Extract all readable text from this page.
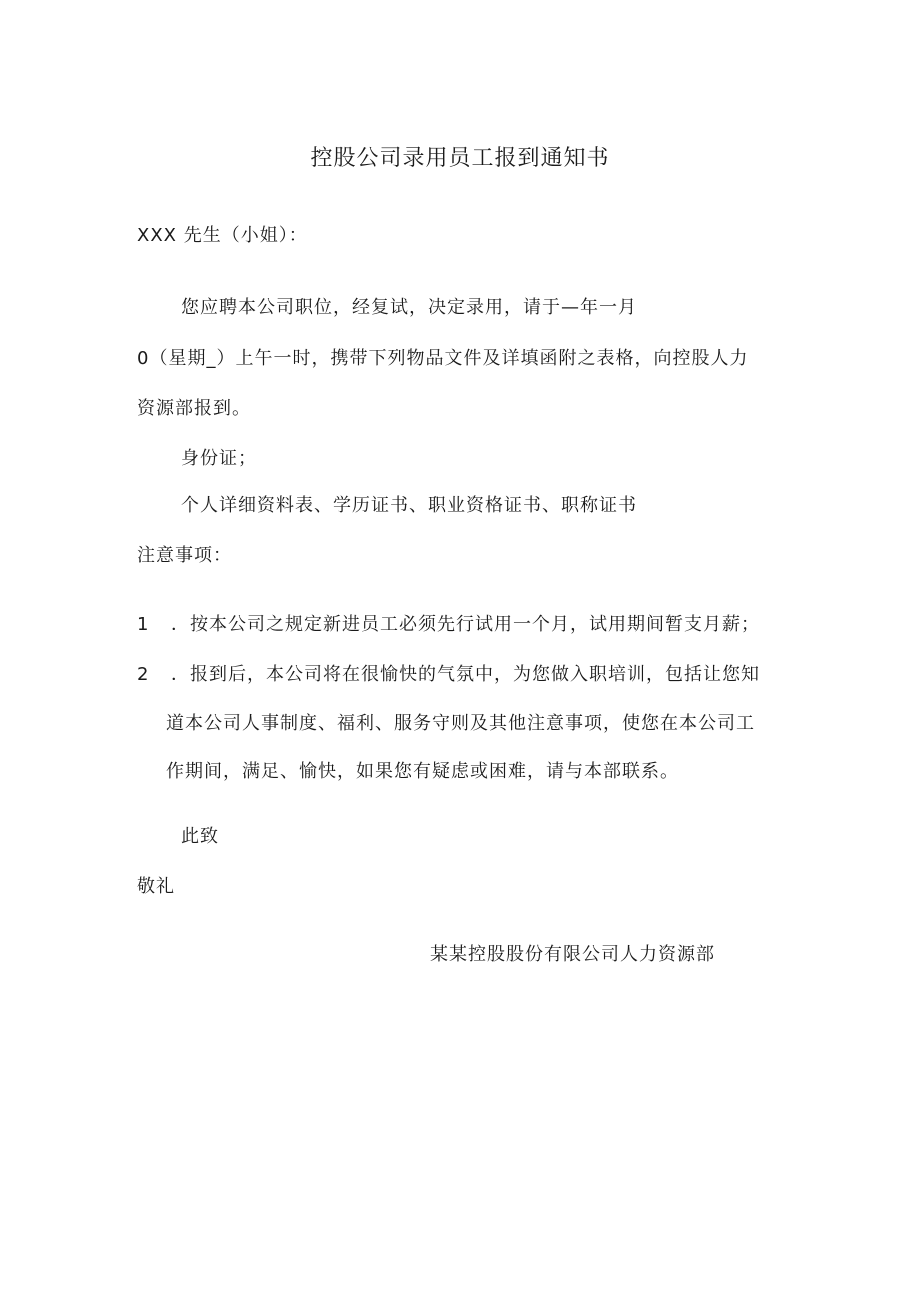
控股公司录用员工报到通知书
XXX 先生（小姐）：
您应聘本公司职位，经复试，决定录用，请于—年一月
0（星期_）上午一时，携带下列物品文件及详填函附之表格，向控股人力
资源部报到。
身份证；
个人详细资料表、学历证书、职业资格证书、职称证书
注意事项：
1 ．按本公司之规定新进员工必须先行试用一个月，试用期间暂支月薪；
2 ．报到后，本公司将在很愉快的气氛中，为您做入职培训，包括让您知
道本公司人事制度、福利、服务守则及其他注意事项，使您在本公司工
作期间，满足、愉快，如果您有疑虑或困难，请与本部联系。
此致
敬礼
某某控股股份有限公司人力资源部
